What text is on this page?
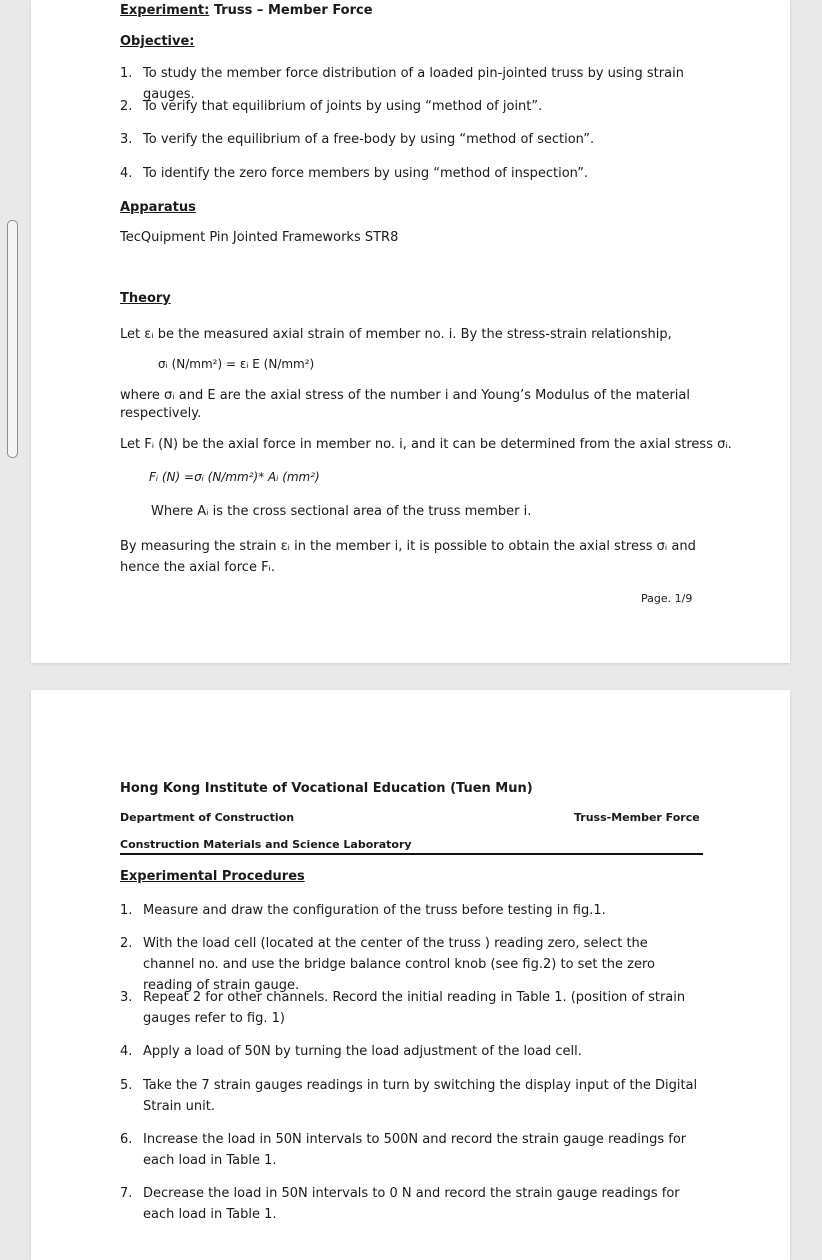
Experiment: Truss – Member Force
Objective:
1. To study the member force distribution of a loaded pin-jointed truss by using strain gauges.
2. To verify that equilibrium of joints by using “method of joint”.
3. To verify the equilibrium of a free-body by using “method of section”.
4. To identify the zero force members by using “method of inspection”.
Apparatus
TecQuipment Pin Jointed Frameworks STR8
Theory
Let εᵢ be the measured axial strain of member no. i. By the stress-strain relationship,
σᵢ (N/mm²) = εᵢ E (N/mm²)
where σᵢ and E are the axial stress of the number i and Young’s Modulus of the material respectively.
Let Fᵢ (N) be the axial force in member no. i, and it can be determined from the axial stress σᵢ.
Fᵢ (N) =σᵢ (N/mm²)* Aᵢ (mm²)
Where Aᵢ is the cross sectional area of the truss member i.
By measuring the strain εᵢ in the member i, it is possible to obtain the axial stress σᵢ and hence the axial force Fᵢ.
Page. 1/9
Hong Kong Institute of Vocational Education (Tuen Mun)
Department of Construction	Truss-Member Force
Construction Materials and Science Laboratory
Experimental Procedures
1. Measure and draw the configuration of the truss before testing in fig.1.
2. With the load cell (located at the center of the truss ) reading zero, select the channel no. and use the bridge balance control knob (see fig.2) to set the zero reading of strain gauge.
3. Repeat 2 for other channels. Record the initial reading in Table 1. (position of strain gauges refer to fig. 1)
4. Apply a load of 50N by turning the load adjustment of the load cell.
5. Take the 7 strain gauges readings in turn by switching the display input of the Digital Strain unit.
6. Increase the load in 50N intervals to 500N and record the strain gauge readings for each load in Table 1.
7. Decrease the load in 50N intervals to 0 N and record the strain gauge readings for each load in Table 1.
